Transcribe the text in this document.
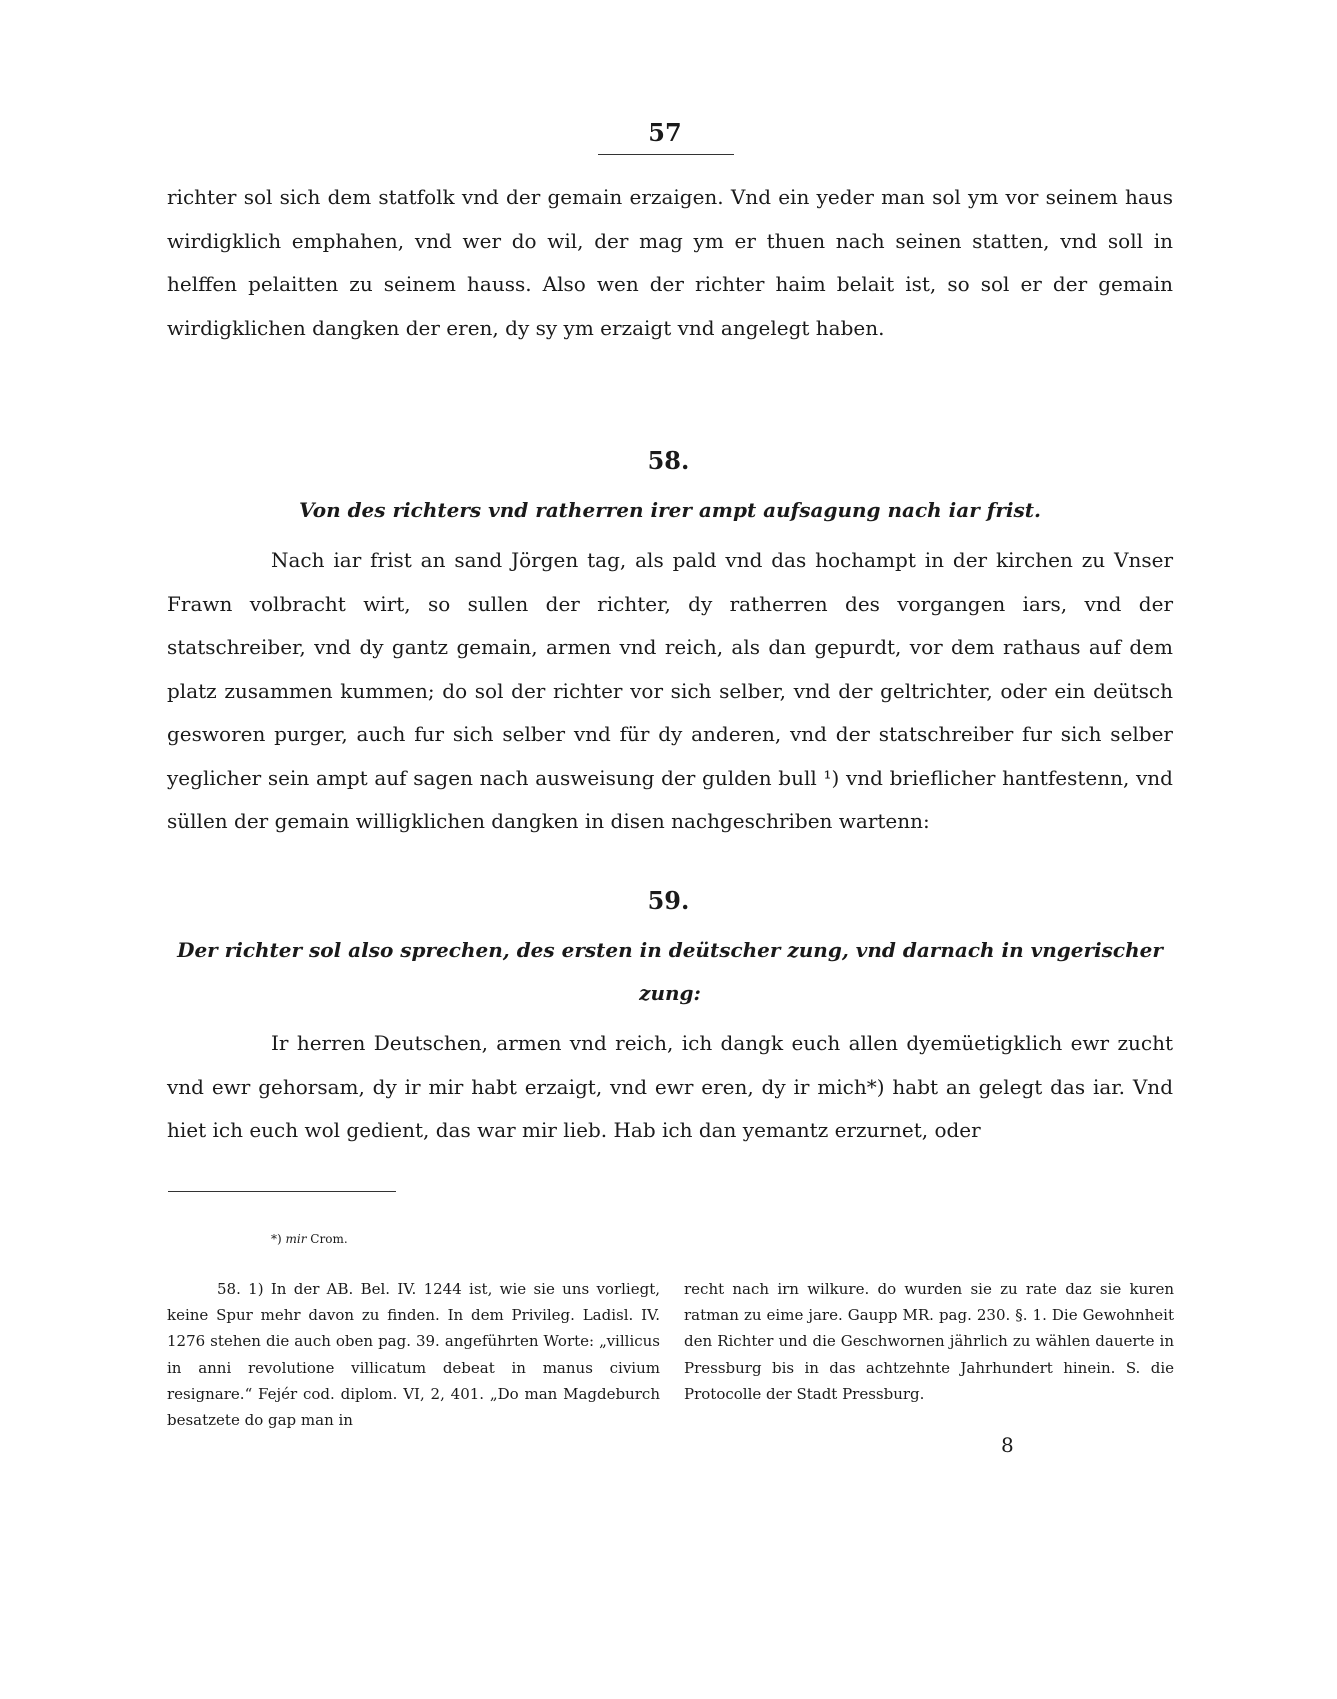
57

richter sol sich dem statfolk vnd der gemain erzaigen. Vnd ein yeder man sol ym vor seinem haus wirdigklich emphahen, vnd wer do wil, der mag ym er thuen nach seinen statten, vnd soll in helffen pelaitten zu seinem hauss. Also wen der richter haim belait ist, so sol er der gemain wirdigklichen dangken der eren, dy sy ym erzaigt vnd angelegt haben.

58.

Von des richters vnd ratherren irer ampt aufsagung nach iar frist.

Nach iar frist an sand Jörgen tag, als pald vnd das hochampt in der kirchen zu Vnser Frawn volbracht wirt, so sullen der richter, dy ratherren des vorgangen iars, vnd der statschreiber, vnd dy gantz gemain, armen vnd reich, als dan gepurdt, vor dem rathaus auf dem platz zusammen kummen; do sol der richter vor sich selber, vnd der geltrichter, oder ein deütsch gesworen purger, auch fur sich selber vnd für dy anderen, vnd der statschreiber fur sich selber yeglicher sein ampt auf sagen nach ausweisung der gulden bull ¹) vnd brieflicher hantfestenn, vnd süllen der gemain willigklichen dangken in disen nachgeschriben wartenn:

59.

Der richter sol also sprechen, des ersten in deütscher zung, vnd darnach in vngerischer zung:

Ir herren Deutschen, armen vnd reich, ich dangk euch allen dyemüetigklich ewr zucht vnd ewr gehorsam, dy ir mir habt erzaigt, vnd ewr eren, dy ir mich*) habt an gelegt das iar. Vnd hiet ich euch wol gedient, das war mir lieb. Hab ich dan yemantz erzurnet, oder

*) mir Crom.

58. 1) In der AB. Bel. IV. 1244 ist, wie sie uns vorliegt, keine Spur mehr davon zu finden. In dem Privileg. Ladisl. IV. 1276 stehen die auch oben pag. 39. angeführten Worte: „villicus in anni revolutione villicatum debeat in manus civium resignare.“ Fejér cod. diplom. VI, 2, 401. „Do man Magdeburch besatzete do gap man in

recht nach irn wilkure. do wurden sie zu rate daz sie kuren ratman zu eime jare. Gaupp MR. pag. 230. §. 1. Die Gewohnheit den Richter und die Geschwornen jährlich zu wählen dauerte in Pressburg bis in das achtzehnte Jahrhundert hinein. S. die Protocolle der Stadt Pressburg.

8
